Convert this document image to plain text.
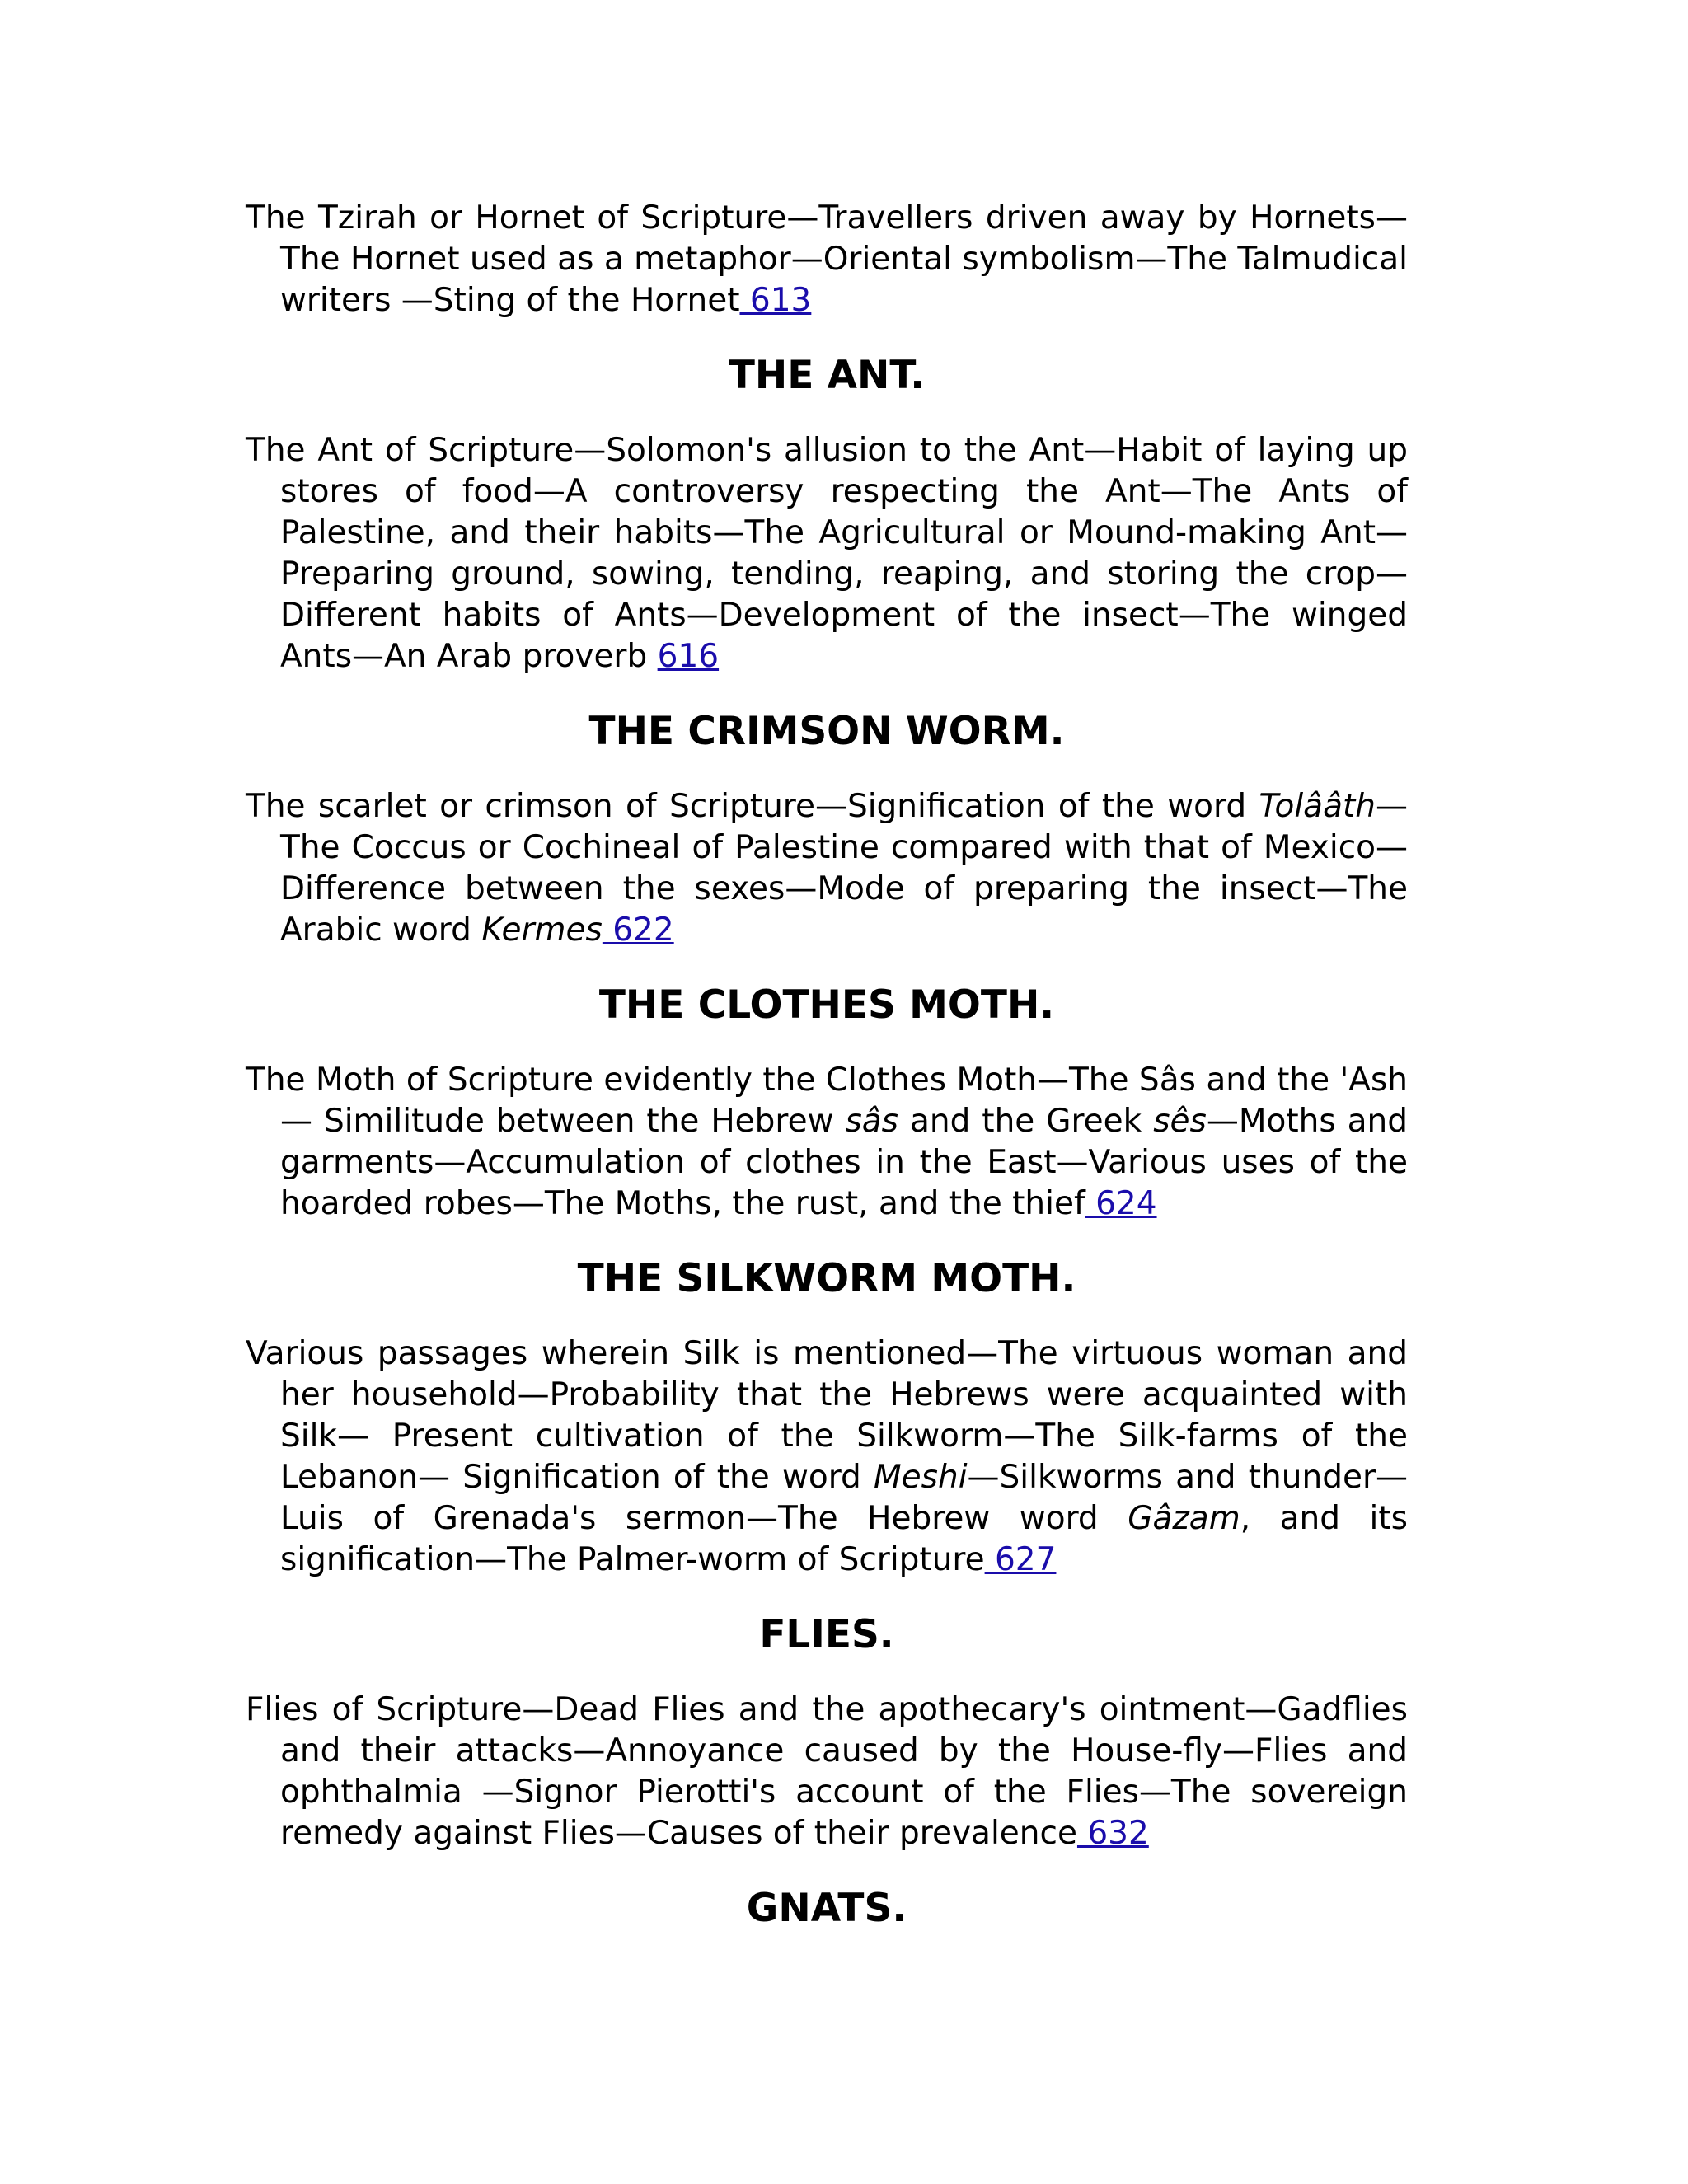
The Tzirah or Hornet of Scripture—Travellers driven away by Hornets—The Hornet used as a metaphor—Oriental symbolism—The Talmudical writers —Sting of the Hornet 613

THE ANT.

The Ant of Scripture—Solomon's allusion to the Ant—Habit of laying up stores of food—A controversy respecting the Ant—The Ants of Palestine, and their habits—The Agricultural or Mound-making Ant—Preparing ground, sowing, tending, reaping, and storing the crop—Different habits of Ants—Development of the insect—The winged Ants—An Arab proverb 616

THE CRIMSON WORM.

The scarlet or crimson of Scripture—Signification of the word Tolââth—The Coccus or Cochineal of Palestine compared with that of Mexico— Difference between the sexes—Mode of preparing the insect—The Arabic word Kermes 622

THE CLOTHES MOTH.

The Moth of Scripture evidently the Clothes Moth—The Sâs and the 'Ash— Similitude between the Hebrew sâs and the Greek sês—Moths and garments—Accumulation of clothes in the East—Various uses of the hoarded robes—The Moths, the rust, and the thief 624

THE SILKWORM MOTH.

Various passages wherein Silk is mentioned—The virtuous woman and her household—Probability that the Hebrews were acquainted with Silk— Present cultivation of the Silkworm—The Silk-farms of the Lebanon— Signification of the word Meshi—Silkworms and thunder—Luis of Grenada's sermon—The Hebrew word Gâzam, and its signification—The Palmer-worm of Scripture 627

FLIES.

Flies of Scripture—Dead Flies and the apothecary's ointment—Gadflies and their attacks—Annoyance caused by the House-fly—Flies and ophthalmia —Signor Pierotti's account of the Flies—The sovereign remedy against Flies—Causes of their prevalence 632

GNATS.
